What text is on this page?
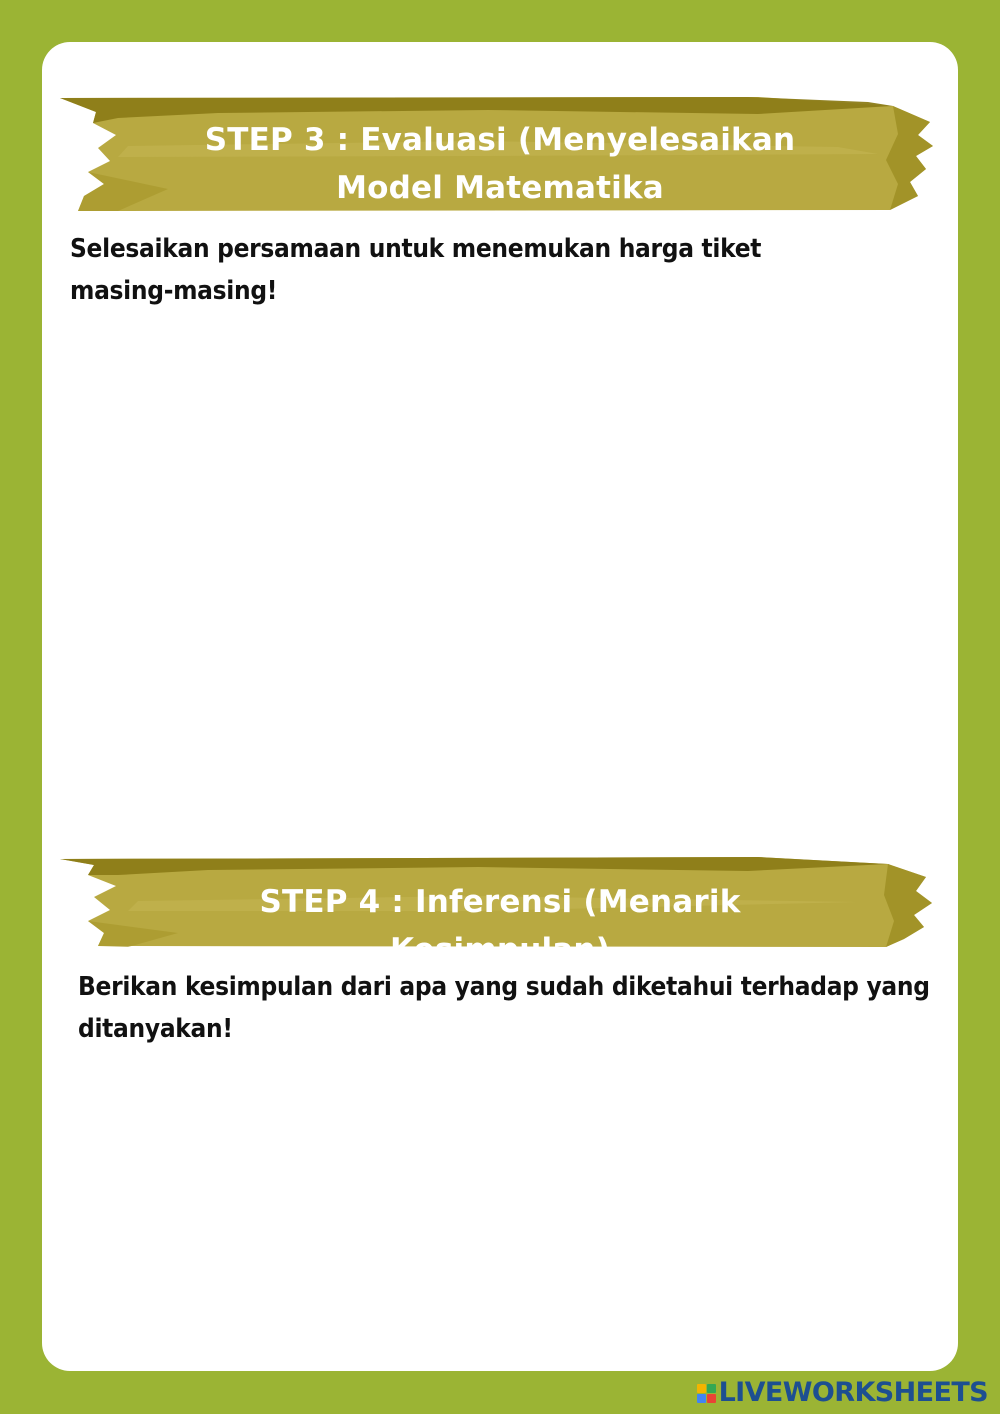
STEP 3 : Evaluasi (Menyelesaikan Model Matematika
Selesaikan persamaan untuk menemukan harga tiket masing-masing!
STEP 4 : Inferensi (Menarik Kesimpulan)
Berikan kesimpulan dari apa yang sudah diketahui terhadap yang ditanyakan!
LIVEWORKSHEETS
